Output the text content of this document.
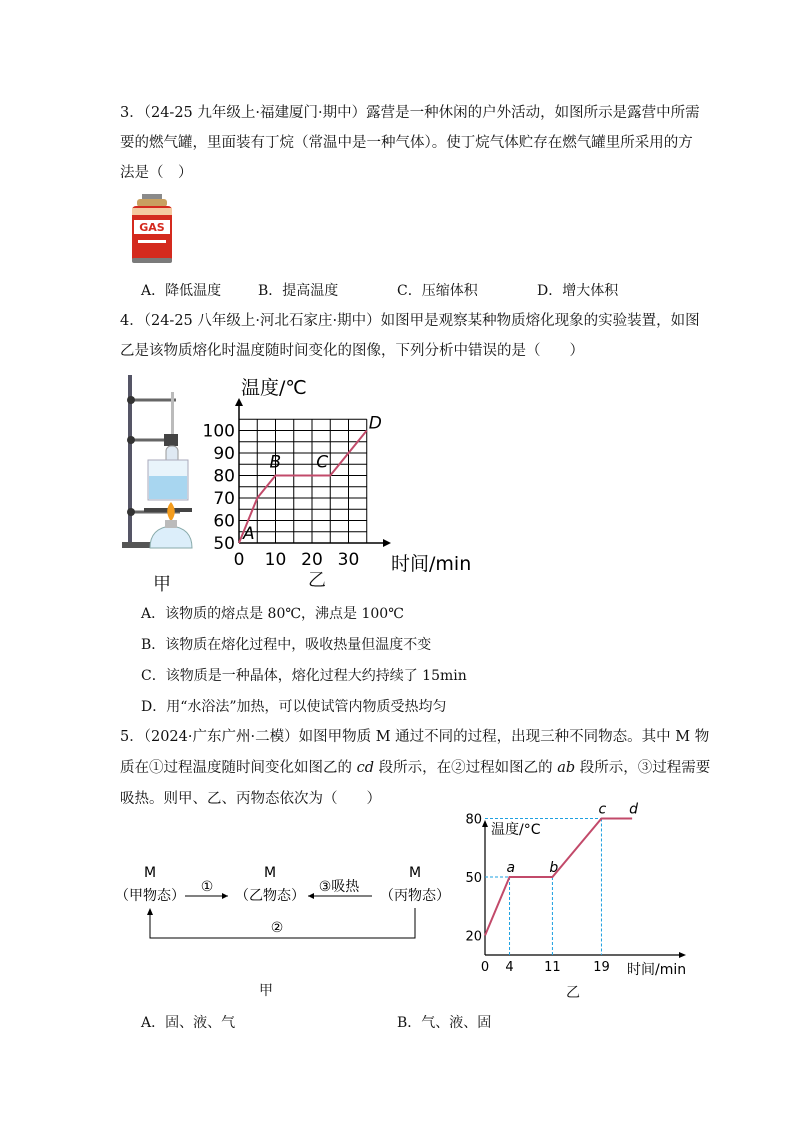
3．（24-25 九年级上·福建厦门·期中）露营是一种休闲的户外活动，如图所示是露营中所需
要的燃气罐，里面装有丁烷（常温中是一种气体）。使丁烷气体贮存在燃气罐里所采用的方
法是（　）
GAS
A．降低温度	B．提高温度	C．压缩体积	D．增大体积
4．（24-25 八年级上·河北石家庄·期中）如图甲是观察某种物质熔化现象的实验装置，如图
乙是该物质熔化时温度随时间变化的图像，下列分析中错误的是（　　）
甲
温度/℃
时间/min
0 10 20 30
50
60
70
80
90
100
A
B C
D
乙
A．该物质的熔点是 80℃，沸点是 100℃
B．该物质在熔化过程中，吸收热量但温度不变
C．该物质是一种晶体，熔化过程大约持续了 15min
D．用“水浴法”加热，可以使试管内物质受热均匀
5．（2024·广东广州·二模）如图甲物质 M 通过不同的过程，出现三种不同物态。其中 M 物
质在①过程温度随时间变化如图乙的 cd 段所示，在②过程如图乙的 ab 段所示，③过程需要
吸热。则甲、乙、丙物态依次为（　　）
M
（甲物态）
M
（乙物态）
M
（丙物态）
①	③吸热
②
甲
温度/°C
时间/min
0 4 11 19
20
50
80
a b
c d
乙
A．固、液、气	B．气、液、固
